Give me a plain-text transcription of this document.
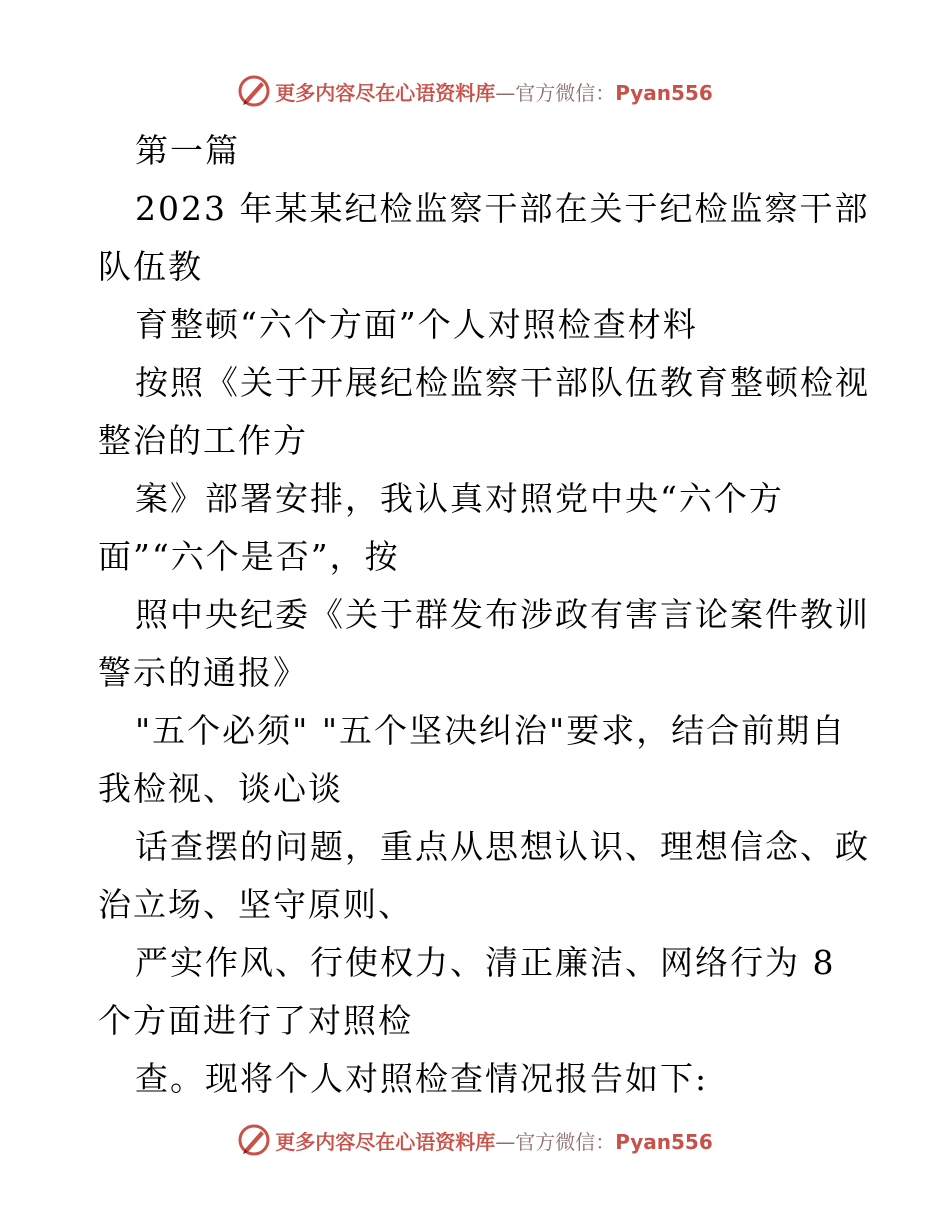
更多内容尽在心语资料库—官方微信：Pyan556
第一篇
2023 年某某纪检监察干部在关于纪检监察干部
队伍教
育整顿“六个方面”个人对照检查材料
按照《关于开展纪检监察干部队伍教育整顿检视
整治的工作方
案》部署安排，我认真对照党中央“六个方
面”“六个是否”，按
照中央纪委《关于群发布涉政有害言论案件教训
警示的通报》
"五个必须" "五个坚决纠治"要求，结合前期自
我检视、谈心谈
话查摆的问题，重点从思想认识、理想信念、政
治立场、坚守原则、
严实作风、行使权力、清正廉洁、网络行为 8
个方面进行了对照检
查。现将个人对照检查情况报告如下:
更多内容尽在心语资料库—官方微信：Pyan556
